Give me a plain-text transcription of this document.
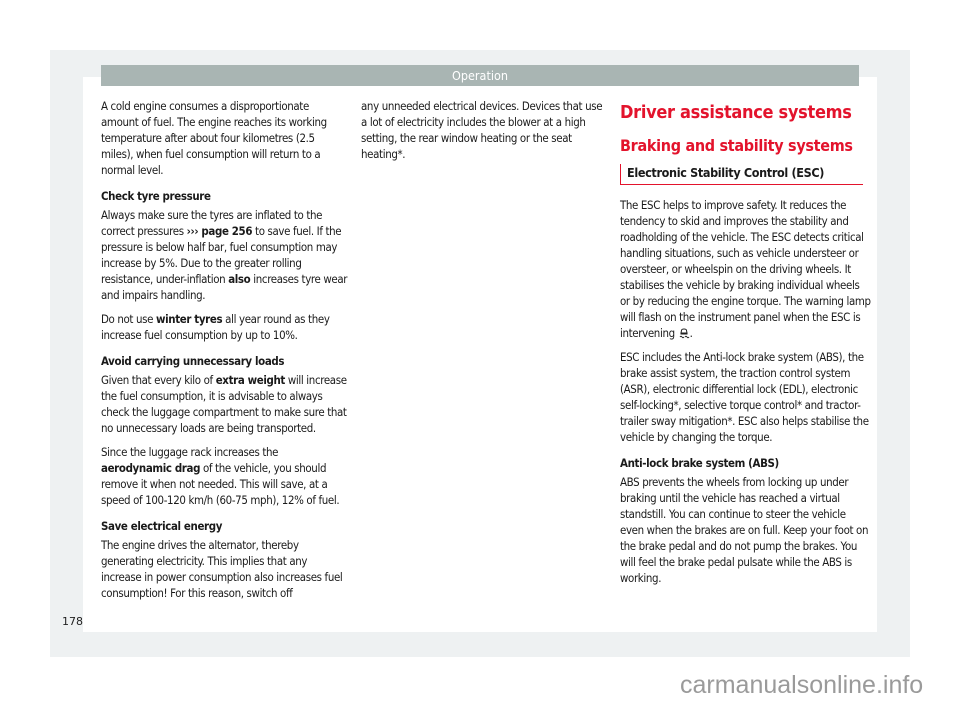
Operation

A cold engine consumes a disproportionate amount of fuel. The engine reaches its working temperature after about four kilometres (2.5 miles), when fuel consumption will return to a normal level.

Check tyre pressure

Always make sure the tyres are inflated to the correct pressures ››› page 256 to save fuel. If the pressure is below half bar, fuel consumption may increase by 5%. Due to the greater rolling resistance, under-inflation also increases tyre wear and impairs handling.

Do not use winter tyres all year round as they increase fuel consumption by up to 10%.

Avoid carrying unnecessary loads

Given that every kilo of extra weight will increase the fuel consumption, it is advisable to always check the luggage compartment to make sure that no unnecessary loads are being transported.

Since the luggage rack increases the aerodynamic drag of the vehicle, you should remove it when not needed. This will save, at a speed of 100-120 km/h (60-75 mph), 12% of fuel.

Save electrical energy

The engine drives the alternator, thereby generating electricity. This implies that any increase in power consumption also increases fuel consumption! For this reason, switch off

any unneeded electrical devices. Devices that use a lot of electricity includes the blower at a high setting, the rear window heating or the seat heating*.

Driver assistance systems
Braking and stability systems
Electronic Stability Control (ESC)

The ESC helps to improve safety. It reduces the tendency to skid and improves the stability and roadholding of the vehicle. The ESC detects critical handling situations, such as vehicle understeer or oversteer, or wheelspin on the driving wheels. It stabilises the vehicle by braking individual wheels or by reducing the engine torque. The warning lamp will flash on the instrument panel when the ESC is intervening .

ESC includes the Anti-lock brake system (ABS), the brake assist system, the traction control system (ASR), electronic differential lock (EDL), electronic self-locking*, selective torque control* and tractor-trailer sway mitigation*. ESC also helps stabilise the vehicle by changing the torque.

Anti-lock brake system (ABS)

ABS prevents the wheels from locking up under braking until the vehicle has reached a virtual standstill. You can continue to steer the vehicle even when the brakes are on full. Keep your foot on the brake pedal and do not pump the brakes. You will feel the brake pedal pulsate while the ABS is working.

178
carmanualsonline.info
